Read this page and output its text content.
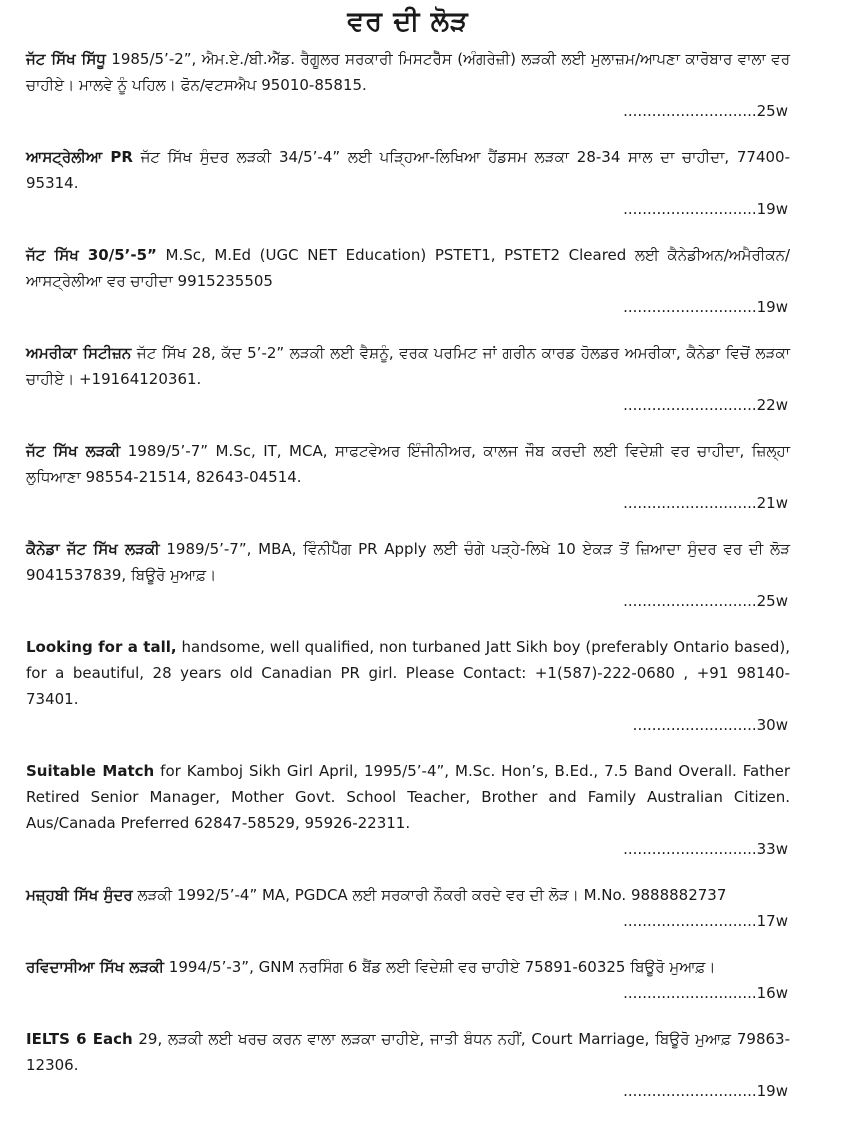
ਵਰ ਦੀ ਲੋੜ
ਜੱਟ ਸਿੱਖ ਸਿੱਧੂ 1985/5’-2”, ਐਮ.ਏ./ਬੀ.ਐੱਡ. ਰੈਗੂਲਰ ਸਰਕਾਰੀ ਮਿਸਟਰੈੱਸ (ਅੰਗਰੇਜ਼ੀ) ਲੜਕੀ ਲਈ ਮੁਲਾਜ਼ਮ/ਆਪਣਾ ਕਾਰੋਬਾਰ ਵਾਲਾ ਵਰ ਚਾਹੀਏ। ਮਾਲਵੇ ਨੂੰ ਪਹਿਲ। ਫੋਨ/ਵਟਸਐਪ 95010-85815.
............................25w
ਆਸਟ੍ਰੇਲੀਆ PR ਜੱਟ ਸਿੱਖ ਸੁੰਦਰ ਲੜਕੀ 34/5’-4” ਲਈ ਪੜ੍ਹਿਆ-ਲਿਖਿਆ ਹੈਂਡਸਮ ਲੜਕਾ 28-34 ਸਾਲ ਦਾ ਚਾਹੀਦਾ, 77400-95314.
............................19w
ਜੱਟ ਸਿੱਖ 30/5’-5” M.Sc, M.Ed (UGC NET Education) PSTET1, PSTET2 Cleared ਲਈ ਕੈਨੇਡੀਅਨ/ਅਮੈਰੀਕਨ/ਆਸਟ੍ਰੇਲੀਆ ਵਰ ਚਾਹੀਦਾ 9915235505
............................19w
ਅਮਰੀਕਾ ਸਿਟੀਜ਼ਨ ਜੱਟ ਸਿੱਖ 28, ਕੱਦ 5’-2” ਲੜਕੀ ਲਈ ਵੈਸ਼ਨੂੰ, ਵਰਕ ਪਰਮਿਟ ਜਾਂ ਗਰੀਨ ਕਾਰਡ ਹੋਲਡਰ ਅਮਰੀਕਾ, ਕੈਨੇਡਾ ਵਿਚੋਂ ਲੜਕਾ ਚਾਹੀਏ। +19164120361.
............................22w
ਜੱਟ ਸਿੱਖ ਲੜਕੀ 1989/5’-7” M.Sc, IT, MCA, ਸਾਫਟਵੇਅਰ ਇੰਜੀਨੀਅਰ, ਕਾਲਜ ਜੌਬ ਕਰਦੀ ਲਈ ਵਿਦੇਸ਼ੀ ਵਰ ਚਾਹੀਦਾ, ਜ਼ਿਲ੍ਹਾ ਲੁਧਿਆਣਾ 98554-21514, 82643-04514.
............................21w
ਕੈਨੇਡਾ ਜੱਟ ਸਿੱਖ ਲੜਕੀ 1989/5’-7”, MBA, ਵਿੰਨੀਪੈੱਗ PR Apply ਲਈ ਚੰਗੇ ਪੜ੍ਹੇ-ਲਿਖੇ 10 ਏਕੜ ਤੋਂ ਜ਼ਿਆਦਾ ਸੁੰਦਰ ਵਰ ਦੀ ਲੋੜ 9041537839, ਬਿਊਰੋ ਮੁਆਫ਼।
............................25w
Looking for a tall, handsome, well qualified, non turbaned Jatt Sikh boy (preferably Ontario based), for a beautiful, 28 years old Canadian PR girl. Please Contact: +1(587)-222-0680 , +91 98140-73401.
..........................30w
Suitable Match for Kamboj Sikh Girl April, 1995/5’-4”, M.Sc. Hon’s, B.Ed., 7.5 Band Overall. Father Retired Senior Manager, Mother Govt. School Teacher, Brother and Family Australian Citizen. Aus/Canada Preferred 62847-58529, 95926-22311.
............................33w
ਮਜ਼੍ਹਬੀ ਸਿੱਖ ਸੁੰਦਰ ਲੜਕੀ 1992/5’-4” MA, PGDCA ਲਈ ਸਰਕਾਰੀ ਨੌਕਰੀ ਕਰਦੇ ਵਰ ਦੀ ਲੋੜ। M.No. 9888882737
............................17w
ਰਵਿਦਾਸੀਆ ਸਿੱਖ ਲੜਕੀ 1994/5’-3”, GNM ਨਰਸਿੰਗ 6 ਬੈਂਡ ਲਈ ਵਿਦੇਸ਼ੀ ਵਰ ਚਾਹੀਏ 75891-60325 ਬਿਊਰੋ ਮੁਆਫ਼।
............................16w
IELTS 6 Each 29, ਲੜਕੀ ਲਈ ਖਰਚ ਕਰਨ ਵਾਲਾ ਲੜਕਾ ਚਾਹੀਏ, ਜਾਤੀ ਬੰਧਨ ਨਹੀਂ, Court Marriage, ਬਿਊਰੋ ਮੁਆਫ਼ 79863-12306.
............................19w
